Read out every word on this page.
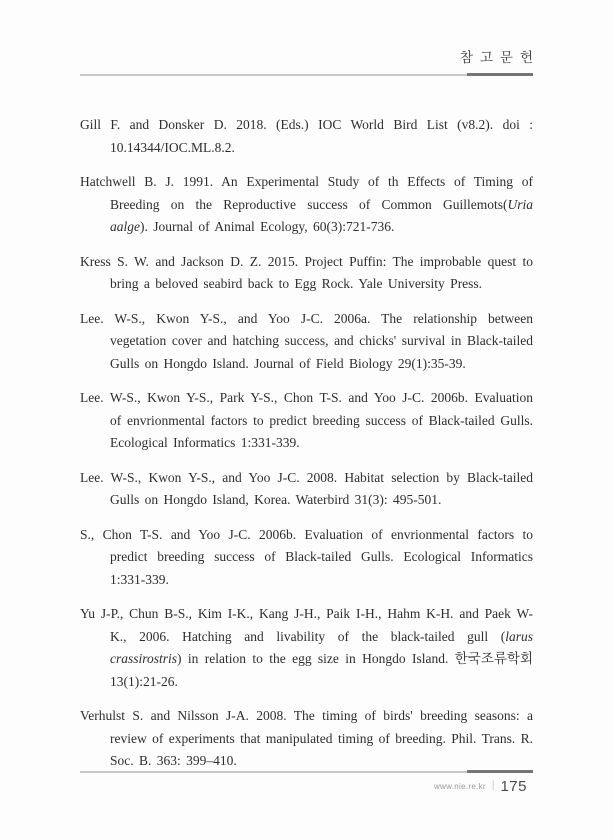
참고문헌

Gill F. and Donsker D. 2018. (Eds.) IOC World Bird List (v8.2). doi : 10.14344/IOC.ML.8.2.

Hatchwell B. J. 1991. An Experimental Study of th Effects of Timing of Breeding on the Reproductive success of Common Guillemots(Uria aalge). Journal of Animal Ecology, 60(3):721-736.

Kress S. W. and Jackson D. Z. 2015. Project Puffin: The improbable quest to bring a beloved seabird back to Egg Rock. Yale University Press.

Lee. W-S., Kwon Y-S., and Yoo J-C. 2006a. The relationship between vegetation cover and hatching success, and chicks' survival in Black-tailed Gulls on Hongdo Island. Journal of Field Biology 29(1):35-39.

Lee. W-S., Kwon Y-S., Park Y-S., Chon T-S. and Yoo J-C. 2006b. Evaluation of envrionmental factors to predict breeding success of Black-tailed Gulls. Ecological Informatics 1:331-339.

Lee. W-S., Kwon Y-S., and Yoo J-C. 2008. Habitat selection by Black-tailed Gulls on Hongdo Island, Korea. Waterbird 31(3): 495-501.

S., Chon T-S. and Yoo J-C. 2006b. Evaluation of envrionmental factors to predict breeding success of Black-tailed Gulls. Ecological Informatics 1:331-339.

Yu J-P., Chun B-S., Kim I-K., Kang J-H., Paik I-H., Hahm K-H. and Paek W-K., 2006. Hatching and livability of the black-tailed gull (larus crassirostris) in relation to the egg size in Hongdo Island. 한국조류학회 13(1):21-26.

Verhulst S. and Nilsson J-A. 2008. The timing of birds' breeding seasons: a review of experiments that manipulated timing of breeding. Phil. Trans. R. Soc. B. 363: 399–410.

www.nie.re.kr | 175
